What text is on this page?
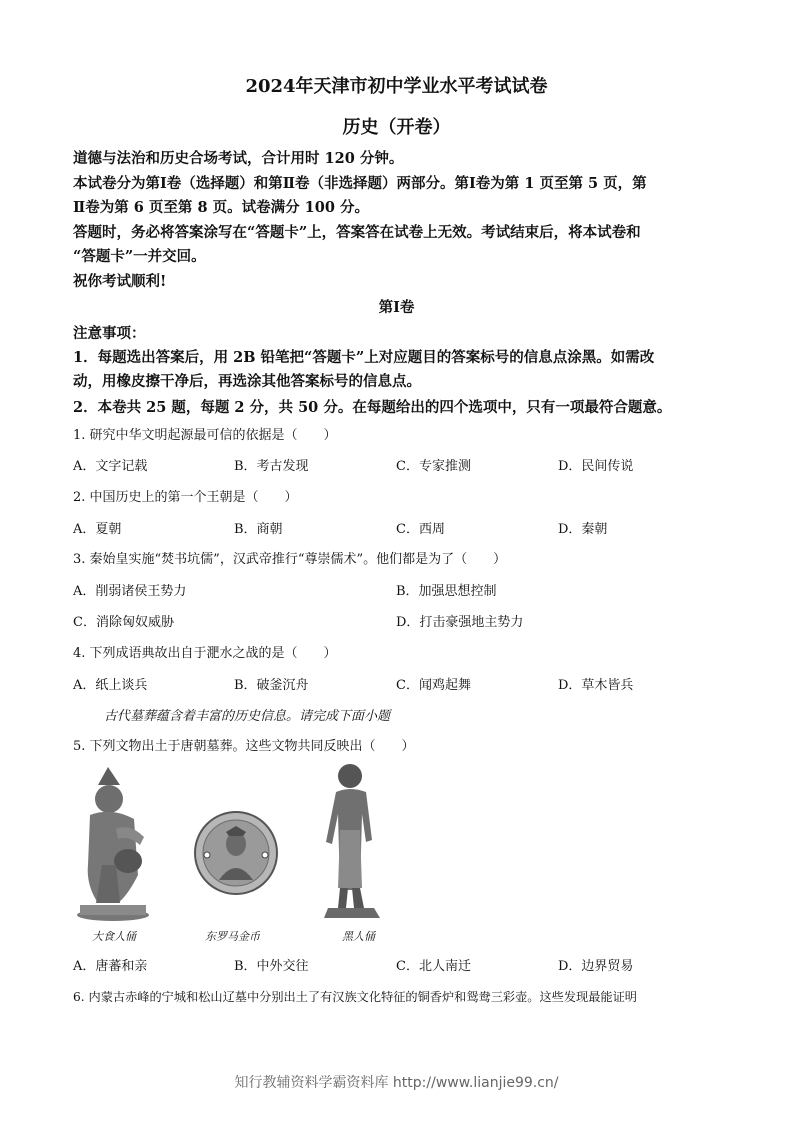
2024年天津市初中学业水平考试试卷
历史（开卷）
道德与法治和历史合场考试，合计用时 120 分钟。
本试卷分为第Ⅰ卷（选择题）和第Ⅱ卷（非选择题）两部分。第Ⅰ卷为第 1 页至第 5 页，第
Ⅱ卷为第 6 页至第 8 页。试卷满分 100 分。
答题时，务必将答案涂写在“答题卡”上，答案答在试卷上无效。考试结束后，将本试卷和
“答题卡”一并交回。
祝你考试顺利!
第Ⅰ卷
注意事项：
1．每题选出答案后，用 2B 铅笔把“答题卡”上对应题目的答案标号的信息点涂黑。如需改
动，用橡皮擦干净后，再选涂其他答案标号的信息点。
2．本卷共 25 题，每题 2 分，共 50 分。在每题给出的四个选项中，只有一项最符合题意。
1. 研究中华文明起源最可信的依据是（　　）
A．文字记载	B．考古发现	C．专家推测	D．民间传说
2. 中国历史上的第一个王朝是（　　）
A．夏朝	B．商朝	C．西周	D．秦朝
3. 秦始皇实施“焚书坑儒”，汉武帝推行“尊崇儒术”。他们都是为了（　　）
A．削弱诸侯王势力	B．加强思想控制
C．消除匈奴威胁	D．打击豪强地主势力
4. 下列成语典故出自于淝水之战的是（　　）
A．纸上谈兵	B．破釜沉舟	C．闻鸡起舞	D．草木皆兵
古代墓葬蕴含着丰富的历史信息。请完成下面小题
5. 下列文物出土于唐朝墓葬。这些文物共同反映出（　　）
大食人俑	东罗马金币	黑人俑
A．唐蕃和亲	B．中外交往	C．北人南迁	D．边界贸易
6. 内蒙古赤峰的宁城和松山辽墓中分别出土了有汉族文化特征的铜香炉和鸳鸯三彩壶。这些发现最能证明
知行教辅资料学霸资料库 http://www.lianjie99.cn/
